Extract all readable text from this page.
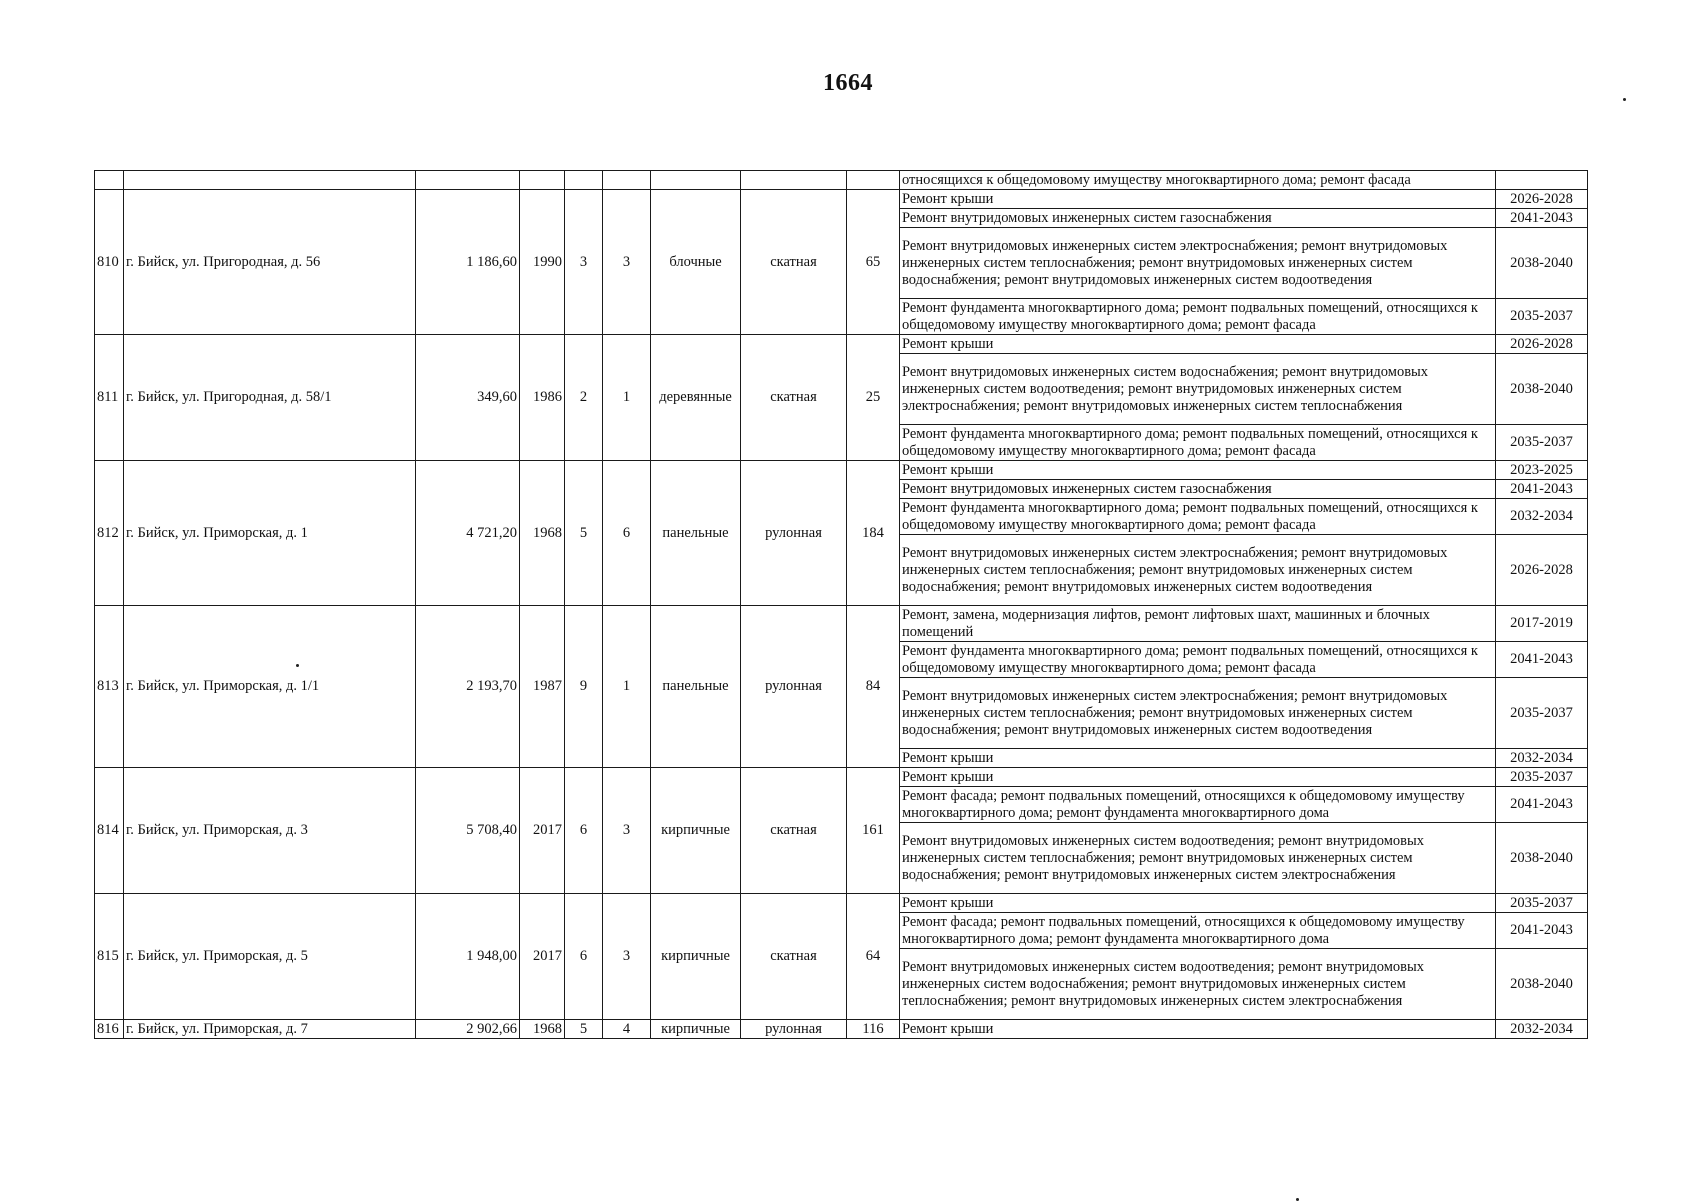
1664
									относящихся к общедомовому имуществу многоквартирного дома; ремонт фасада	
810	г. Бийск, ул. Пригородная, д. 56	1 186,60	1990	3	3	блочные	скатная	65	Ремонт крыши	2026-2028
									Ремонт внутридомовых инженерных систем газоснабжения	2041-2043
									Ремонт внутридомовых инженерных систем электроснабжения; ремонт внутридомовых инженерных систем теплоснабжения; ремонт внутридомовых инженерных систем водоснабжения; ремонт внутридомовых инженерных систем водоотведения	2038-2040
									Ремонт фундамента многоквартирного дома; ремонт подвальных помещений, относящихся к общедомовому имуществу многоквартирного дома; ремонт фасада	2035-2037
811	г. Бийск, ул. Пригородная, д. 58/1	349,60	1986	2	1	деревянные	скатная	25	Ремонт крыши	2026-2028
									Ремонт внутридомовых инженерных систем водоснабжения; ремонт внутридомовых инженерных систем водоотведения; ремонт внутридомовых инженерных систем электроснабжения; ремонт внутридомовых инженерных систем теплоснабжения	2038-2040
									Ремонт фундамента многоквартирного дома; ремонт подвальных помещений, относящихся к общедомовому имуществу многоквартирного дома; ремонт фасада	2035-2037
812	г. Бийск, ул. Приморская, д. 1	4 721,20	1968	5	6	панельные	рулонная	184	Ремонт крыши	2023-2025
									Ремонт внутридомовых инженерных систем газоснабжения	2041-2043
									Ремонт фундамента многоквартирного дома; ремонт подвальных помещений, относящихся к общедомовому имуществу многоквартирного дома; ремонт фасада	2032-2034
									Ремонт внутридомовых инженерных систем электроснабжения; ремонт внутридомовых инженерных систем теплоснабжения; ремонт внутридомовых инженерных систем водоснабжения; ремонт внутридомовых инженерных систем водоотведения	2026-2028
813	г. Бийск, ул. Приморская, д. 1/1	2 193,70	1987	9	1	панельные	рулонная	84	Ремонт, замена, модернизация лифтов, ремонт лифтовых шахт, машинных и блочных помещений	2017-2019
									Ремонт фундамента многоквартирного дома; ремонт подвальных помещений, относящихся к общедомовому имуществу многоквартирного дома; ремонт фасада	2041-2043
									Ремонт внутридомовых инженерных систем электроснабжения; ремонт внутридомовых инженерных систем теплоснабжения; ремонт внутридомовых инженерных систем водоснабжения; ремонт внутридомовых инженерных систем водоотведения	2035-2037
									Ремонт крыши	2032-2034
814	г. Бийск, ул. Приморская, д. 3	5 708,40	2017	6	3	кирпичные	скатная	161	Ремонт крыши	2035-2037
									Ремонт фасада; ремонт подвальных помещений, относящихся к общедомовому имуществу многоквартирного дома; ремонт фундамента многоквартирного дома	2041-2043
									Ремонт внутридомовых инженерных систем водоотведения; ремонт внутридомовых инженерных систем теплоснабжения; ремонт внутридомовых инженерных систем водоснабжения; ремонт внутридомовых инженерных систем электроснабжения	2038-2040
815	г. Бийск, ул. Приморская, д. 5	1 948,00	2017	6	3	кирпичные	скатная	64	Ремонт крыши	2035-2037
									Ремонт фасада; ремонт подвальных помещений, относящихся к общедомовому имуществу многоквартирного дома; ремонт фундамента многоквартирного дома	2041-2043
									Ремонт внутридомовых инженерных систем водоотведения; ремонт внутридомовых инженерных систем водоснабжения; ремонт внутридомовых инженерных систем теплоснабжения; ремонт внутридомовых инженерных систем электроснабжения	2038-2040
816	г. Бийск, ул. Приморская, д. 7	2 902,66	1968	5	4	кирпичные	рулонная	116	Ремонт крыши	2032-2034
